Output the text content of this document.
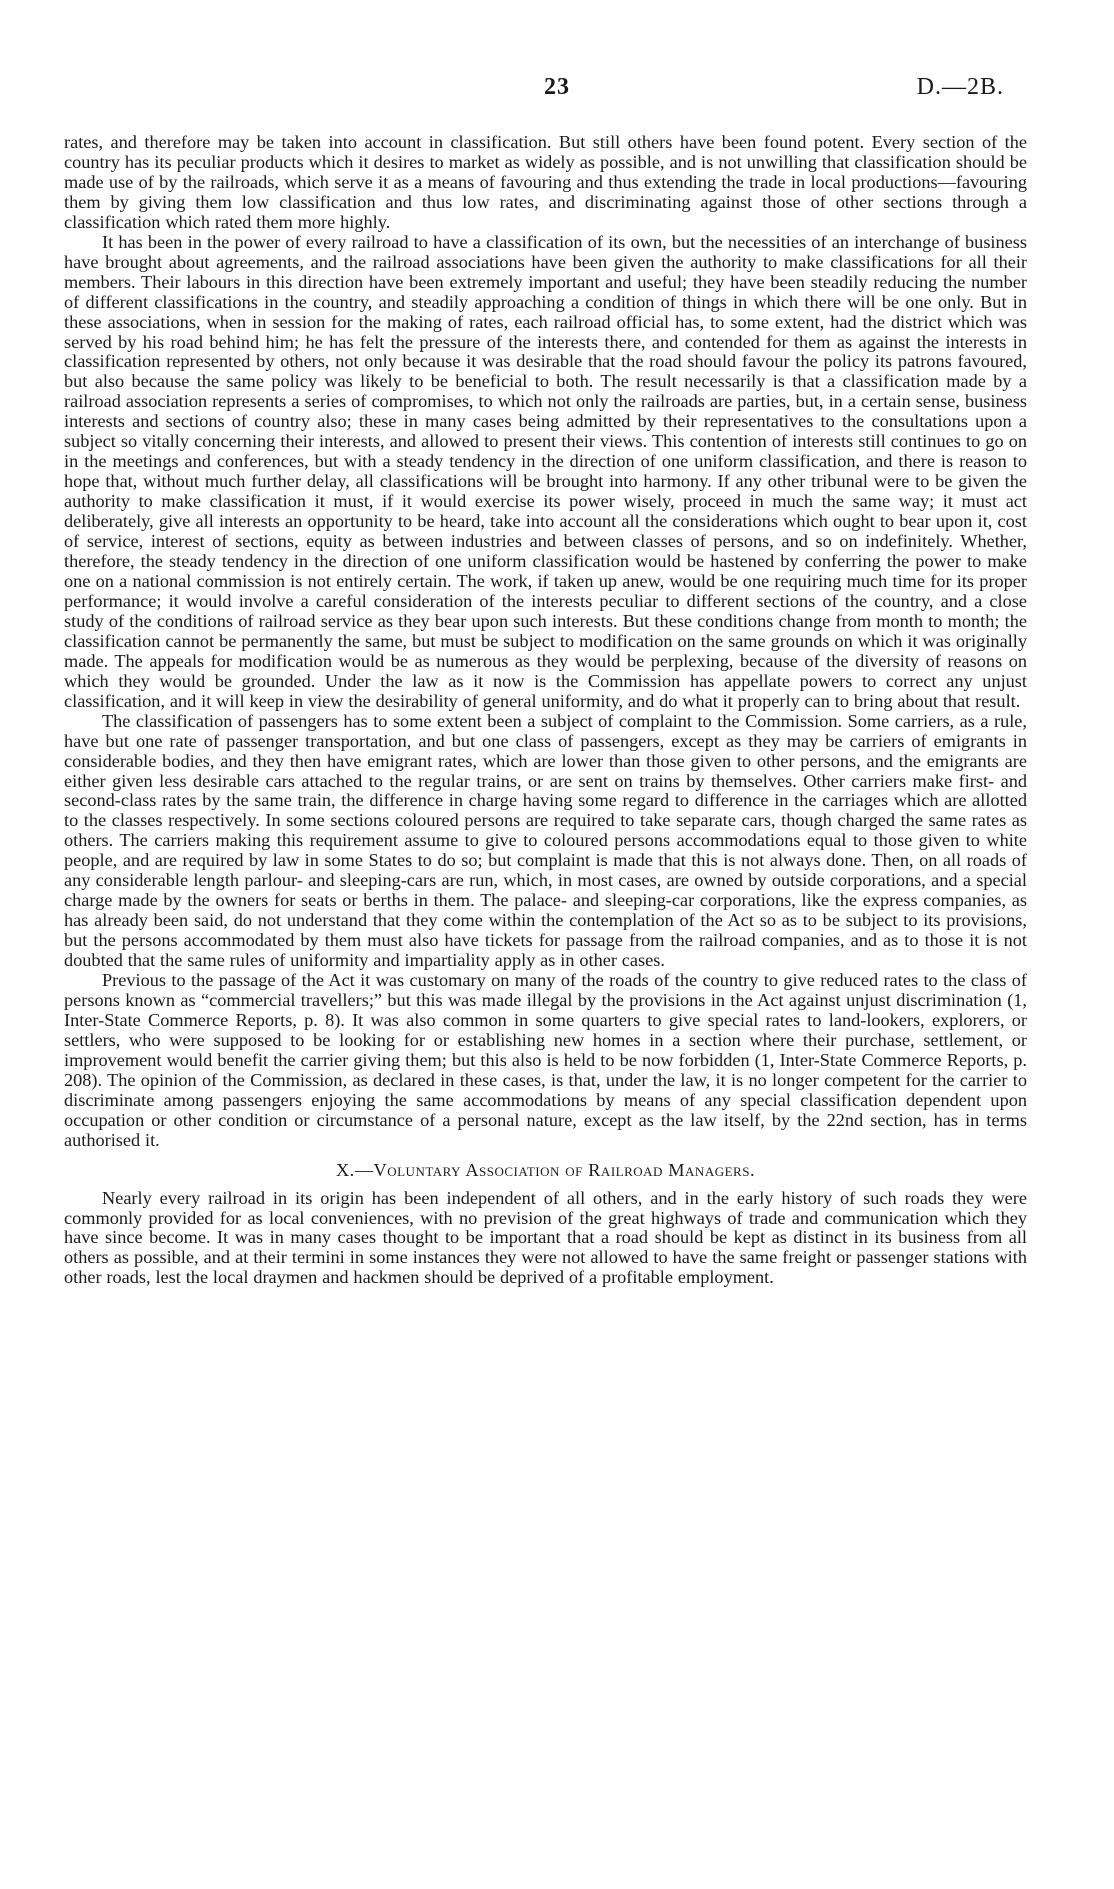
23	D.—2B.

rates, and therefore may be taken into account in classification. But still others have been found potent. Every section of the country has its peculiar products which it desires to market as widely as possible, and is not unwilling that classification should be made use of by the railroads, which serve it as a means of favouring and thus extending the trade in local productions—favouring them by giving them low classification and thus low rates, and discriminating against those of other sections through a classification which rated them more highly.

It has been in the power of every railroad to have a classification of its own, but the necessities of an interchange of business have brought about agreements, and the railroad associations have been given the authority to make classifications for all their members. Their labours in this direction have been extremely important and useful; they have been steadily reducing the number of different classifications in the country, and steadily approaching a condition of things in which there will be one only. But in these associations, when in session for the making of rates, each railroad official has, to some extent, had the district which was served by his road behind him; he has felt the pressure of the interests there, and contended for them as against the interests in classification represented by others, not only because it was desirable that the road should favour the policy its patrons favoured, but also because the same policy was likely to be beneficial to both. The result necessarily is that a classification made by a railroad association represents a series of compromises, to which not only the railroads are parties, but, in a certain sense, business interests and sections of country also; these in many cases being admitted by their representatives to the consultations upon a subject so vitally concerning their interests, and allowed to present their views. This contention of interests still continues to go on in the meetings and conferences, but with a steady tendency in the direction of one uniform classification, and there is reason to hope that, without much further delay, all classifications will be brought into harmony. If any other tribunal were to be given the authority to make classification it must, if it would exercise its power wisely, proceed in much the same way; it must act deliberately, give all interests an opportunity to be heard, take into account all the considerations which ought to bear upon it, cost of service, interest of sections, equity as between industries and between classes of persons, and so on indefinitely. Whether, therefore, the steady tendency in the direction of one uniform classification would be hastened by conferring the power to make one on a national commission is not entirely certain. The work, if taken up anew, would be one requiring much time for its proper performance; it would involve a careful consideration of the interests peculiar to different sections of the country, and a close study of the conditions of railroad service as they bear upon such interests. But these conditions change from month to month; the classification cannot be permanently the same, but must be subject to modification on the same grounds on which it was originally made. The appeals for modification would be as numerous as they would be perplexing, because of the diversity of reasons on which they would be grounded. Under the law as it now is the Commission has appellate powers to correct any unjust classification, and it will keep in view the desirability of general uniformity, and do what it properly can to bring about that result.

The classification of passengers has to some extent been a subject of complaint to the Commission. Some carriers, as a rule, have but one rate of passenger transportation, and but one class of passengers, except as they may be carriers of emigrants in considerable bodies, and they then have emigrant rates, which are lower than those given to other persons, and the emigrants are either given less desirable cars attached to the regular trains, or are sent on trains by themselves. Other carriers make first- and second-class rates by the same train, the difference in charge having some regard to difference in the carriages which are allotted to the classes respectively. In some sections coloured persons are required to take separate cars, though charged the same rates as others. The carriers making this requirement assume to give to coloured persons accommodations equal to those given to white people, and are required by law in some States to do so; but complaint is made that this is not always done. Then, on all roads of any considerable length parlour- and sleeping-cars are run, which, in most cases, are owned by outside corporations, and a special charge made by the owners for seats or berths in them. The palace- and sleeping-car corporations, like the express companies, as has already been said, do not understand that they come within the contemplation of the Act so as to be subject to its provisions, but the persons accommodated by them must also have tickets for passage from the railroad companies, and as to those it is not doubted that the same rules of uniformity and impartiality apply as in other cases.

Previous to the passage of the Act it was customary on many of the roads of the country to give reduced rates to the class of persons known as “commercial travellers;” but this was made illegal by the provisions in the Act against unjust discrimination (1, Inter-State Commerce Reports, p. 8). It was also common in some quarters to give special rates to land-lookers, explorers, or settlers, who were supposed to be looking for or establishing new homes in a section where their purchase, settlement, or improvement would benefit the carrier giving them; but this also is held to be now forbidden (1, Inter-State Commerce Reports, p. 208). The opinion of the Commission, as declared in these cases, is that, under the law, it is no longer competent for the carrier to discriminate among passengers enjoying the same accommodations by means of any special classification dependent upon occupation or other condition or circumstance of a personal nature, except as the law itself, by the 22nd section, has in terms authorised it.

X.—Voluntary Association of Railroad Managers.

Nearly every railroad in its origin has been independent of all others, and in the early history of such roads they were commonly provided for as local conveniences, with no prevision of the great highways of trade and communication which they have since become. It was in many cases thought to be important that a road should be kept as distinct in its business from all others as possible, and at their termini in some instances they were not allowed to have the same freight or passenger stations with other roads, lest the local draymen and hackmen should be deprived of a profitable employment.
